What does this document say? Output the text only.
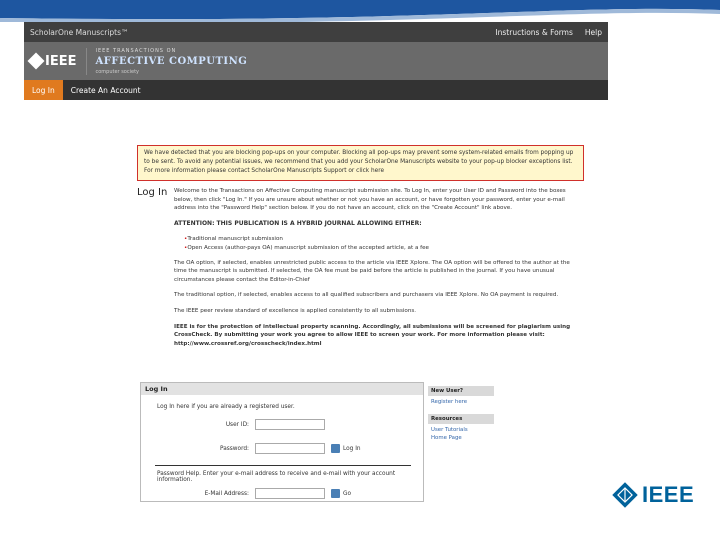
ScholarOne Manuscripts™	Instructions & Forms Help
IEEE
IEEE TRANSACTIONS ON
AFFECTIVE COMPUTING
computer society
Log In	Create An Account
We have detected that you are blocking pop-ups on your computer. Blocking all pop-ups may prevent some system-related emails from popping up to be sent. To avoid any potential issues, we recommend that you add your ScholarOne Manuscripts website to your pop-up blocker exceptions list. For more information please contact ScholarOne Manuscripts Support or click here
Log In Welcome to the Transactions on Affective Computing manuscript submission site. To Log In, enter your User ID and Password into the boxes below, then click "Log In." If you are unsure about whether or not you have an account, or have forgotten your password, enter your e-mail address into the "Password Help" section below. If you do not have an account, click on the "Create Account" link above.

ATTENTION: THIS PUBLICATION IS A HYBRID JOURNAL ALLOWING EITHER:

• Traditional manuscript submission
• Open Access (author-pays OA) manuscript submission of the accepted article, at a fee

The OA option, if selected, enables unrestricted public access to the article via IEEE Xplore. The OA option will be offered to the author at the time the manuscript is submitted. If selected, the OA fee must be paid before the article is published in the journal. If you have unusual circumstances please contact the Editor-in-Chief

The traditional option, if selected, enables access to all qualified subscribers and purchasers via IEEE Xplore. No OA payment is required.

The IEEE peer review standard of excellence is applied consistently to all submissions.

IEEE is for the protection of intellectual property scanning. Accordingly, all submissions will be screened for plagiarism using CrossCheck. By submitting your work you agree to allow IEEE to screen your work. For more information please visit: http://www.crossref.org/crosscheck/index.html

Log In
Log In here if you are already a registered user.
User ID:
Password:	Log In
Password Help. Enter your e-mail address to receive and e-mail with your account information.
E-Mail Address:	Go
New User?
Register here
Resources
User Tutorials
Home Page
IEEE
